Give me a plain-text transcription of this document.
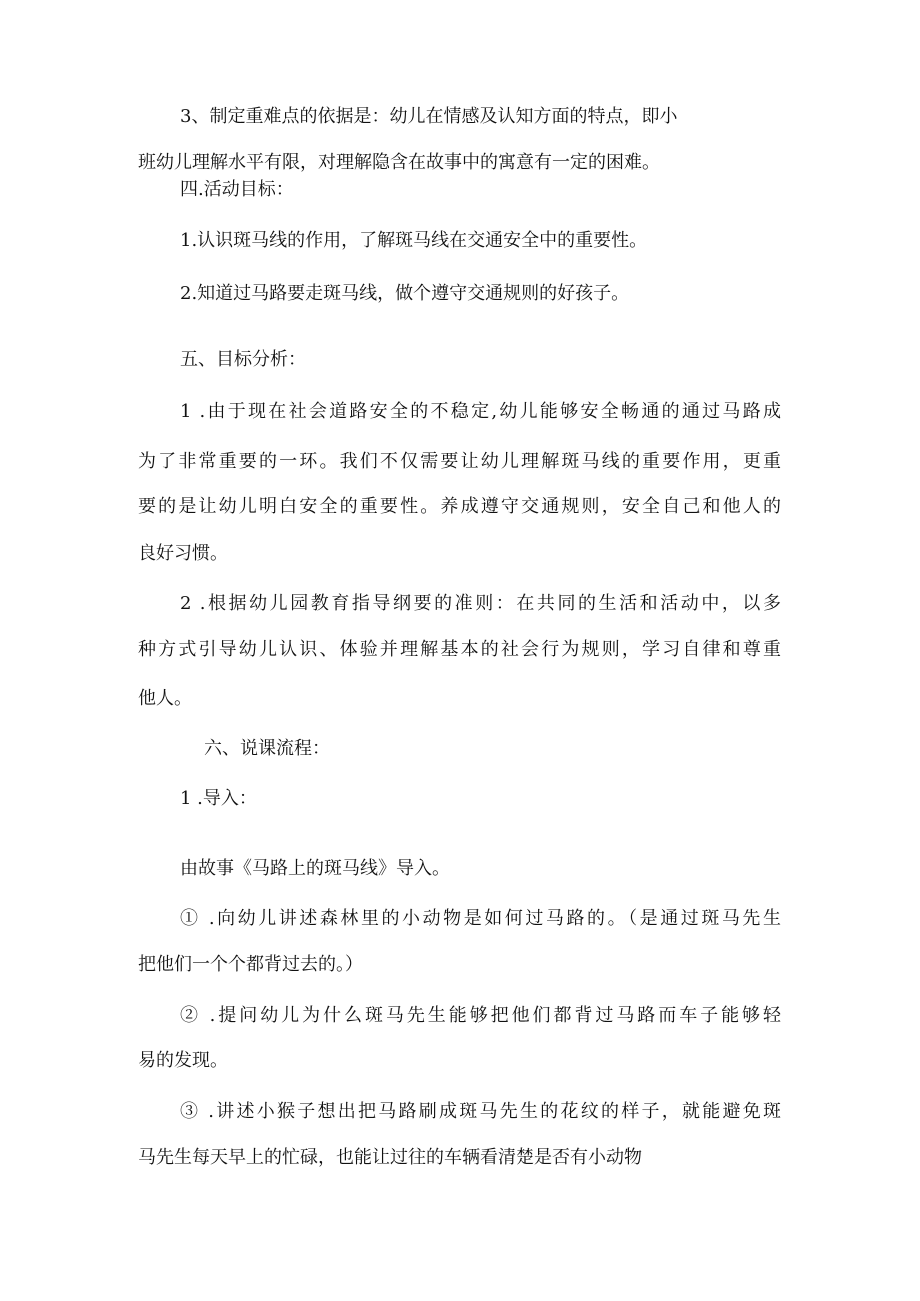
3、制定重难点的依据是：幼儿在情感及认知方面的特点，即小
班幼儿理解水平有限，对理解隐含在故事中的寓意有一定的困难。
四.活动目标：
1.认识斑马线的作用，了解斑马线在交通安全中的重要性。
2.知道过马路要走斑马线，做个遵守交通规则的好孩子。
五、目标分析：
1 .由于现在社会道路安全的不稳定,幼儿能够安全畅通的通过马路成
为了非常重要的一环。我们不仅需要让幼儿理解斑马线的重要作用，更重
要的是让幼儿明白安全的重要性。养成遵守交通规则，安全自己和他人的
良好习惯。
2 .根据幼儿园教育指导纲要的准则：在共同的生活和活动中，以多
种方式引导幼儿认识、体验并理解基本的社会行为规则，学习自律和尊重
他人。
六、说课流程：
1 .导入：
由故事《马路上的斑马线》导入。
① .向幼儿讲述森林里的小动物是如何过马路的。（是通过斑马先生
把他们一个个都背过去的。）
② .提问幼儿为什么斑马先生能够把他们都背过马路而车子能够轻
易的发现。
③ .讲述小猴子想出把马路刷成斑马先生的花纹的样子，就能避免斑
马先生每天早上的忙碌，也能让过往的车辆看清楚是否有小动物
